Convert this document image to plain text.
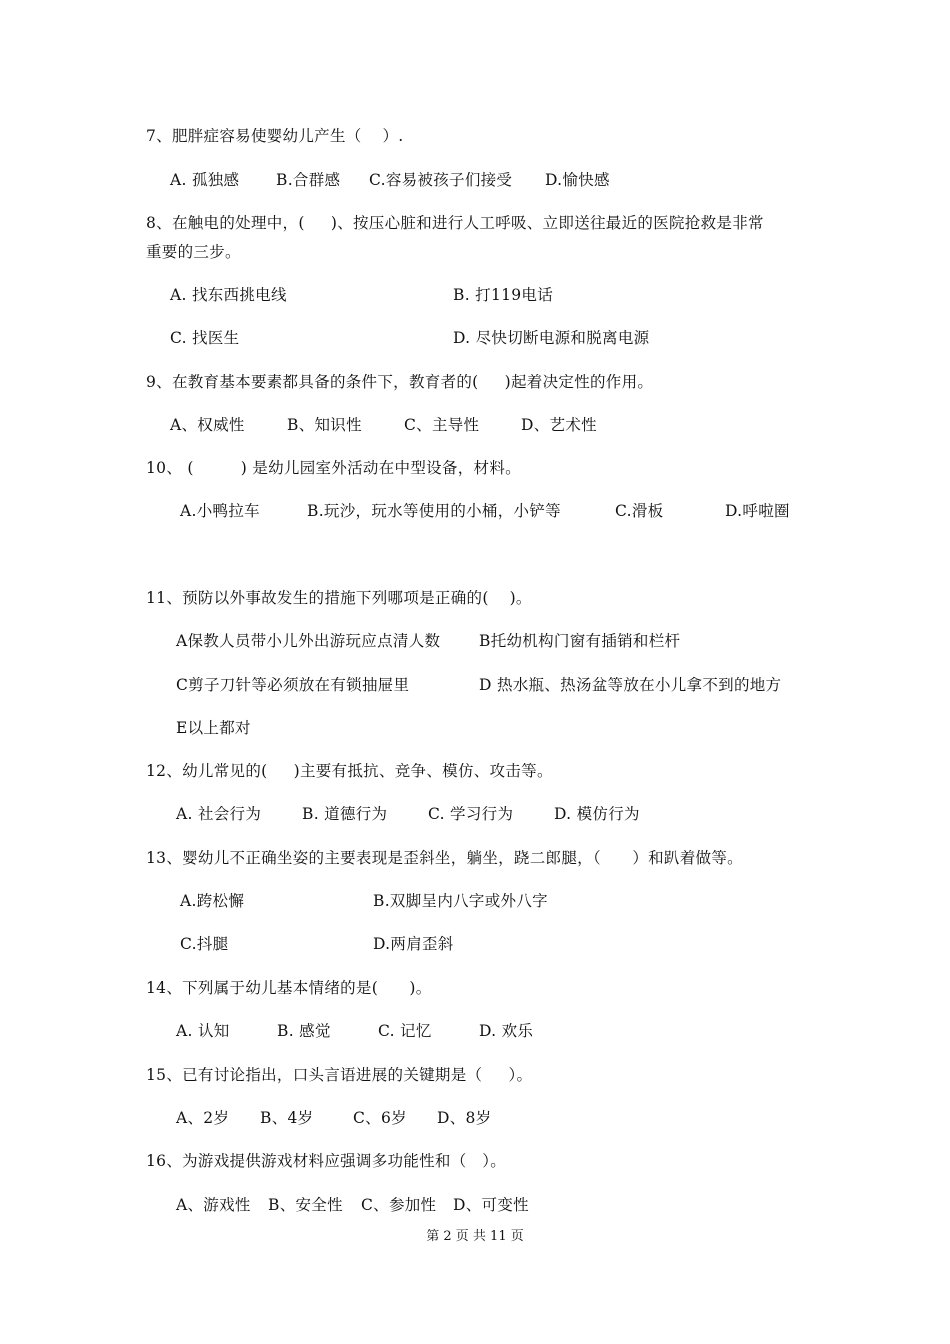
7、肥胖症容易使婴幼儿产生（    ）.
A. 孤独感 B.合群感 C.容易被孩子们接受 D.愉快感
8、在触电的处理中，(     )、按压心脏和进行人工呼吸、立即送往最近的医院抢救是非常
重要的三步。
A. 找东西挑电线	B. 打119电话
C. 找医生	D. 尽快切断电源和脱离电源
9、在教育基本要素都具备的条件下，教育者的(     )起着决定性的作用。
A、权威性	B、知识性	C、主导性	D、艺术性
10、 (         ) 是幼儿园室外活动在中型设备，材料。
A.小鸭拉车	B.玩沙，玩水等使用的小桶，小铲等	C.滑板	D.呼啦圈
11、预防以外事故发生的措施下列哪项是正确的(    )。
A保教人员带小儿外出游玩应点清人数 B托幼机构门窗有插销和栏杆
C剪子刀针等必须放在有锁抽屉里	D 热水瓶、热汤盆等放在小儿拿不到的地方
E以上都对
12、幼儿常见的(     )主要有抵抗、竞争、模仿、攻击等。
A. 社会行为	B. 道德行为	C. 学习行为	D. 模仿行为
13、婴幼儿不正确坐姿的主要表现是歪斜坐，躺坐，跷二郎腿，（      ）和趴着做等。
A.跨松懈	B.双脚呈内八字或外八字
C.抖腿	D.两肩歪斜
14、下列属于幼儿基本情绪的是(      )。
A. 认知	B. 感觉	C. 记忆	D. 欢乐
15、已有讨论指出，口头言语进展的关键期是（     ）。
A、2岁 B、4岁	C、6岁 D、8岁
16、为游戏提供游戏材料应强调多功能性和（   ）。
A、游戏性 B、安全性 C、参加性 D、可变性
第 2 页 共 11 页
